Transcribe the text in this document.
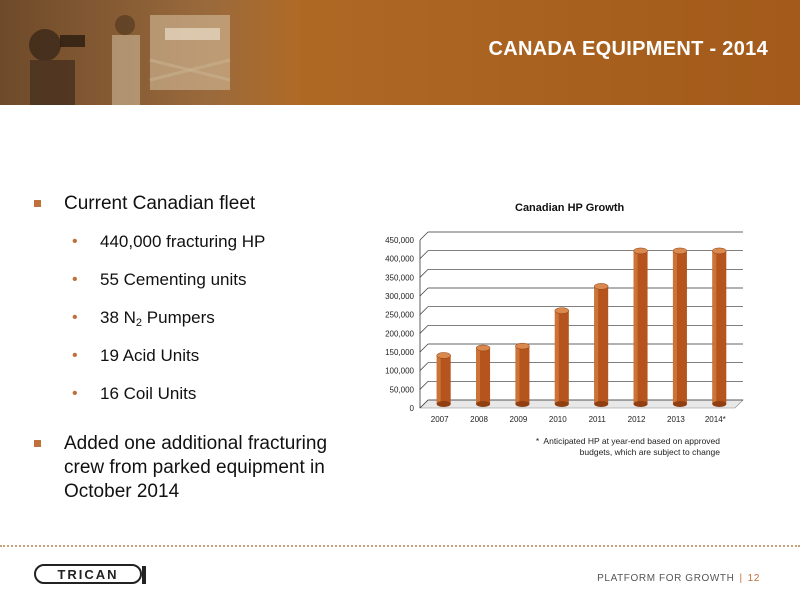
CANADA EQUIPMENT - 2014
Current Canadian fleet
• 440,000 fracturing HP
• 55 Cementing units
• 38 $N_2$ Pumpers
• 19 Acid Units
• 16 Coil Units
Added one additional fracturing crew from parked equipment in October 2014
Canadian HP Growth
0
50,000
100,000
150,000
200,000
250,000
300,000
350,000
400,000
450,000
2007	2008	2009	2010	2011	2012	2013	2014*
*  Anticipated HP at year-end based on approved
budgets, which are subject to change
TRICAN	PLATFORM FOR GROWTH | 12
